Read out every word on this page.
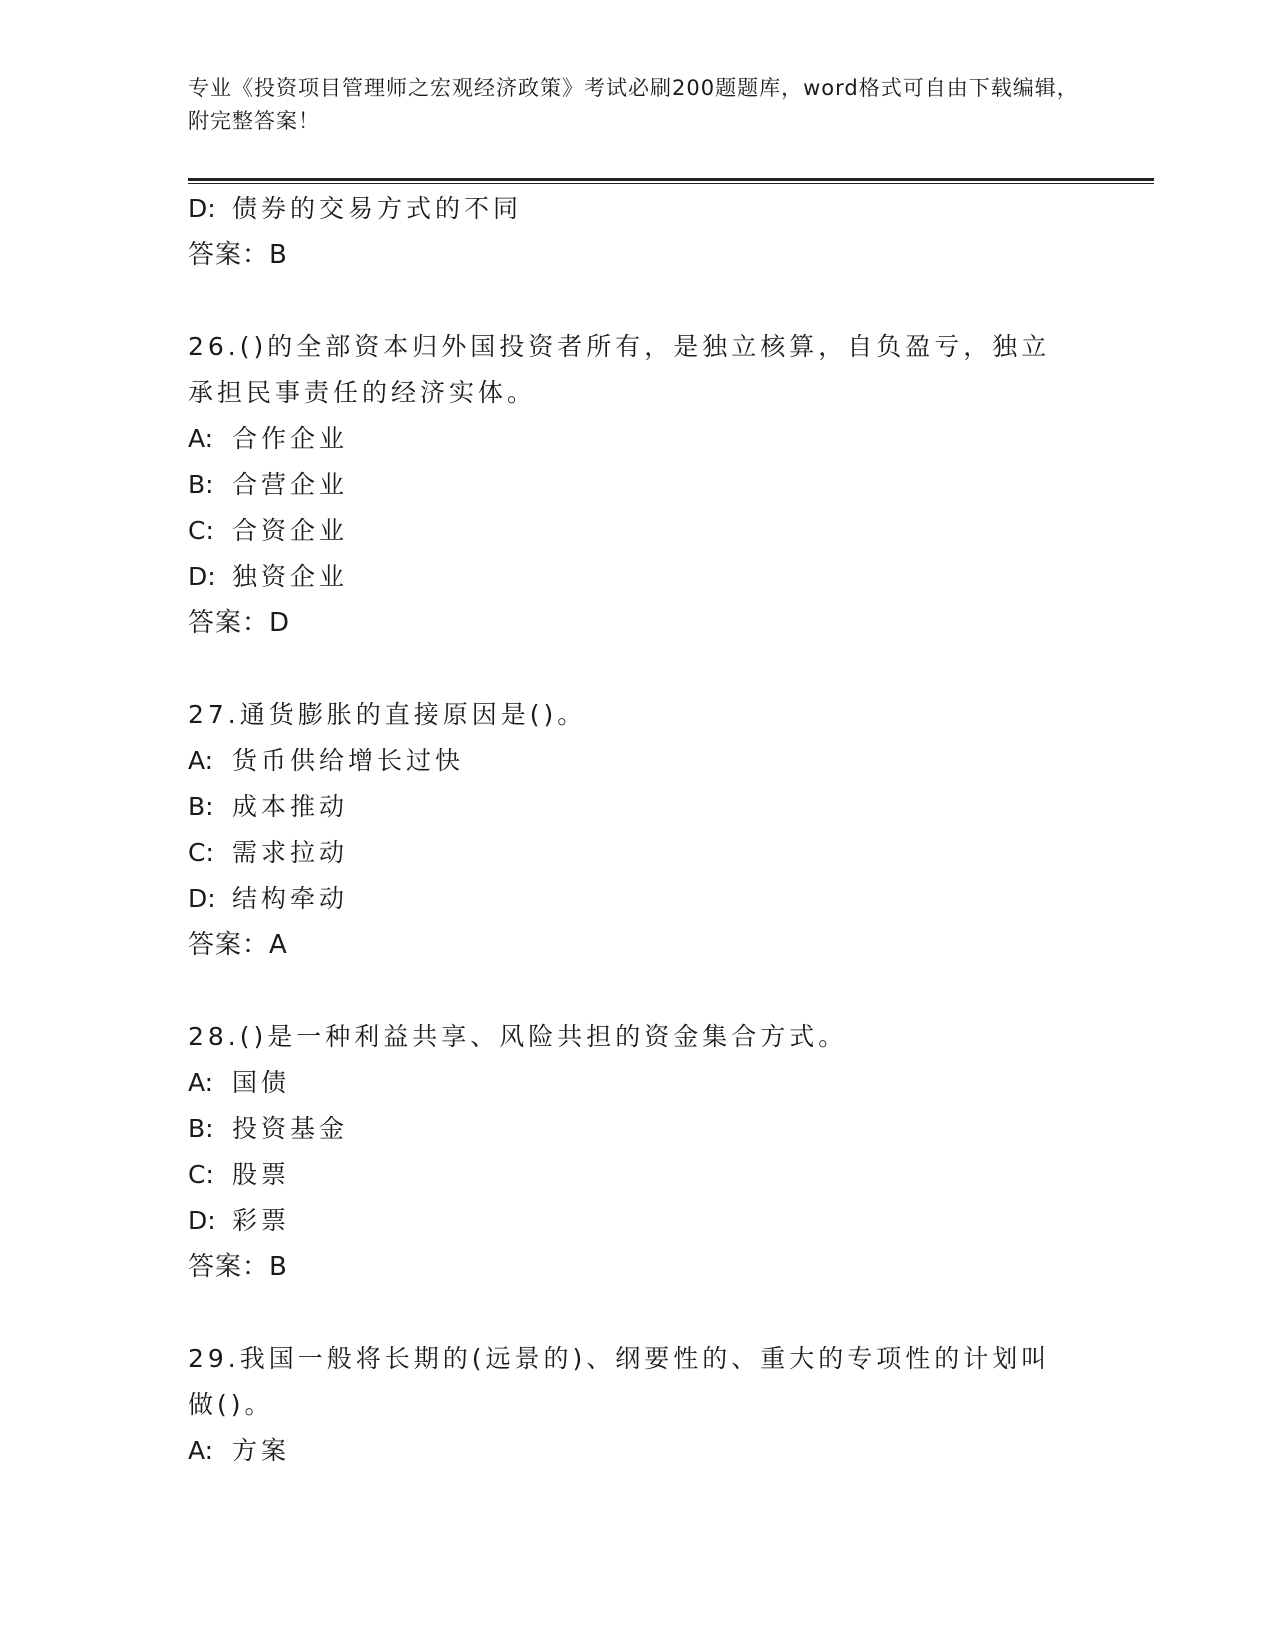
专业《投资项目管理师之宏观经济政策》考试必刷200题题库，word格式可自由下载编辑，附完整答案！
D: 债券的交易方式的不同
答案：B
26.()的全部资本归外国投资者所有，是独立核算，自负盈亏，独立承担民事责任的经济实体。
A: 合作企业
B: 合营企业
C: 合资企业
D: 独资企业
答案：D
27.通货膨胀的直接原因是()。
A: 货币供给增长过快
B: 成本推动
C: 需求拉动
D: 结构牵动
答案：A
28.()是一种利益共享、风险共担的资金集合方式。
A: 国债
B: 投资基金
C: 股票
D: 彩票
答案：B
29.我国一般将长期的(远景的)、纲要性的、重大的专项性的计划叫做()。
A: 方案
